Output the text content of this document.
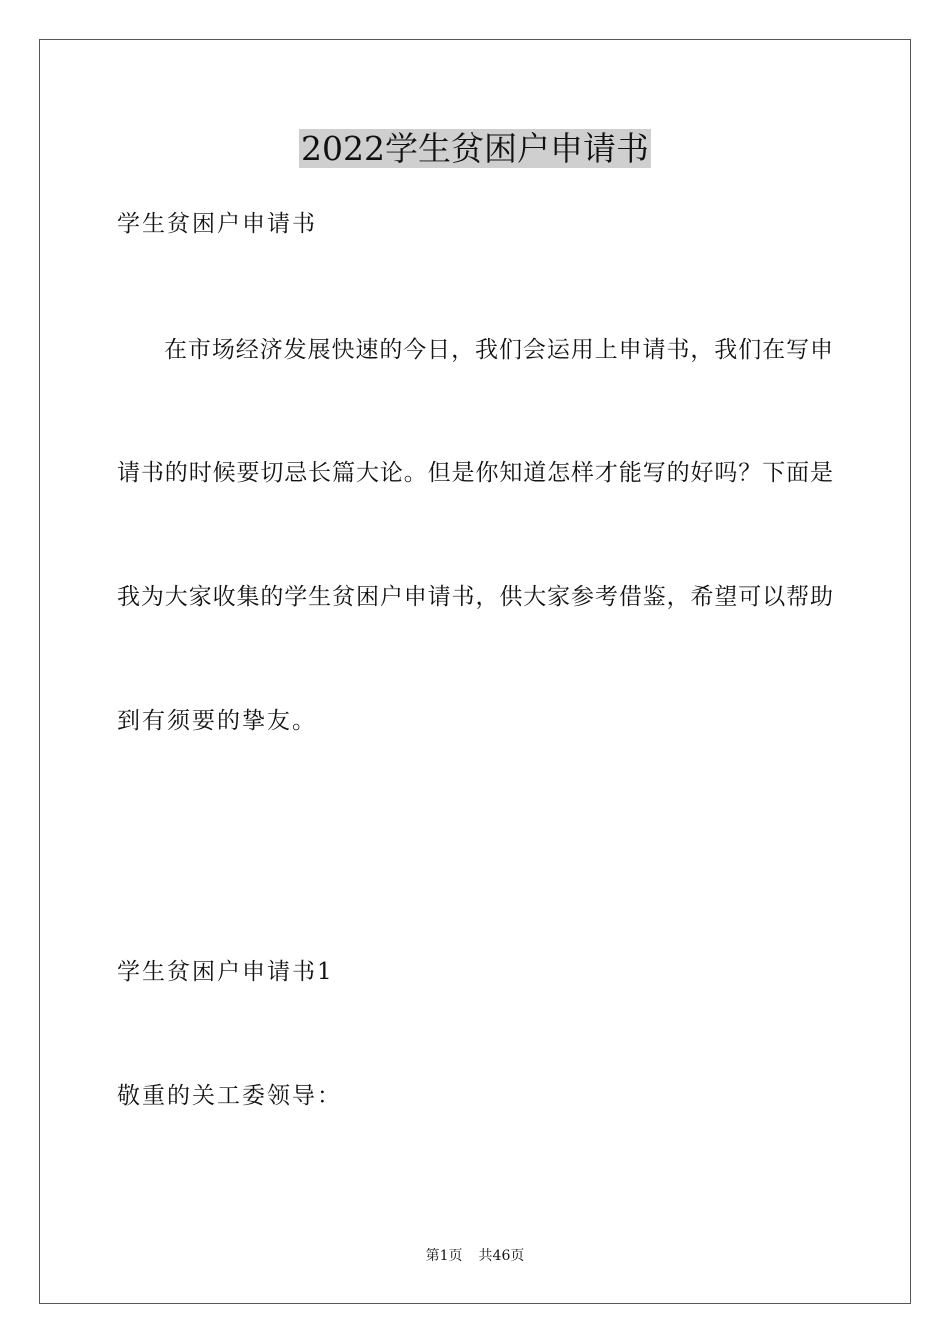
2022学生贫困户申请书
学生贫困户申请书
在市场经济发展快速的今日，我们会运用上申请书，我们在写申
请书的时候要切忌长篇大论。但是你知道怎样才能写的好吗？下面是
我为大家收集的学生贫困户申请书，供大家参考借鉴，希望可以帮助
到有须要的挚友。
学生贫困户申请书1
敬重的关工委领导：
第1页 共46页
